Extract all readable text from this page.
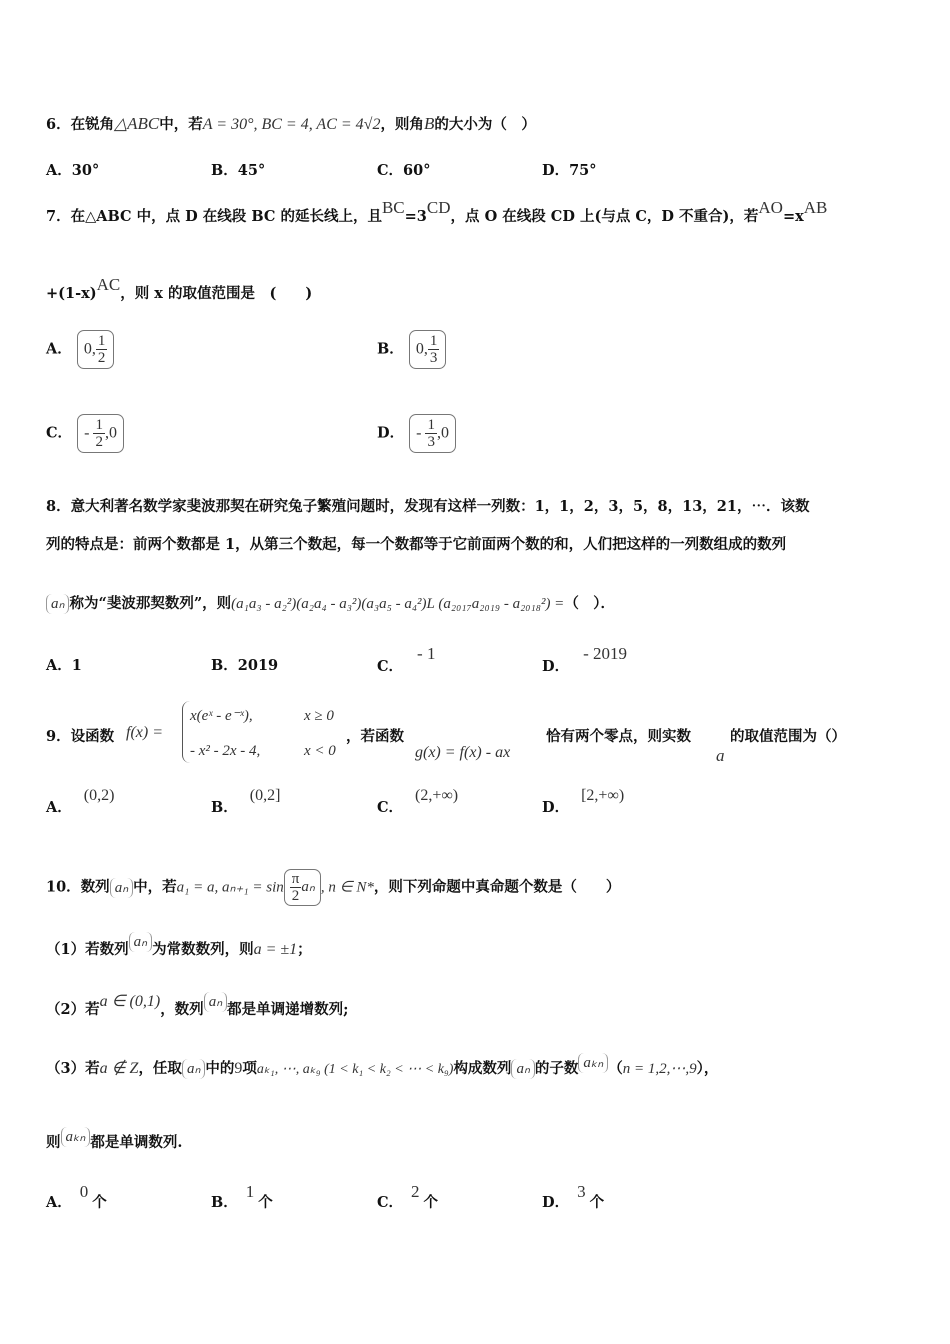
6．在锐角△ABC中，若A = 30°, BC = 4, AC = 4√2，则角B的大小为（　）
A．30°	B．45°	C．60°	D．75°
7．在△ABC 中，点 D 在线段 BC 的延长线上，且BC=3CD，点 O 在线段 CD 上(与点 C，D 不重合)，若AO=xAB
+(1-x)AC，则 x 的取值范围是　(　　)
A． 0, $\frac{1}{2}$	B． 0, $\frac{1}{3}$
C． - $\frac{1}{2} ,0$	D． - $\frac{1}{3} ,0$
8．意大利著名数学家斐波那契在研究兔子繁殖问题时，发现有这样一列数：1，1，2，3，5，8，13，21，⋯．该数
列的特点是：前两个数都是 1，从第三个数起，每一个数都等于它前面两个数的和，人们把这样的一列数组成的数列
aₙ 称为“斐波那契数列”，则(a₁a₃ - a₂²)(a₂a₄ - a₃²)(a₃a₅ - a₄²)L (a₂₀₁₇a₂₀₁₉ - a₂₀₁₈²) =（　）．
A．1	B．2019	C．- 1
D．- 2019
9．设函数 f(x) =
x(eˣ - e⁻ˣ),	x ≥ 0
- x² - 2x - 4,	x < 0
，若函数
g(x) = f(x) - ax
恰有两个零点，则实数
a
的取值范围为（）
A．(0,2)
B．(0,2]
C．(2,+∞)
D．[2,+∞)
10．数列 aₙ 中，若a₁ = a, $a_{n+1} = \sin \frac{\pi}{2}$ aₙ , n ∈ N*，则下列命题中真命题个数是（　　）
（1）若数列 aₙ 为常数数列，则a = ±1；
（2）若a ∈ (0,1)，数列 aₙ 都是单调递增数列;
（3）若a ∉ Z，任取 aₙ 中的9项aₖ₁, ⋯, aₖ₉ (1 < k₁ < k₂ < ⋯ < k₉)构成数列 aₙ 的子数 aₖₙ （n = 1,2,⋯,9），
则 aₖₙ 都是单调数列.
A．0个	B．1个	C．2个	D．3个
